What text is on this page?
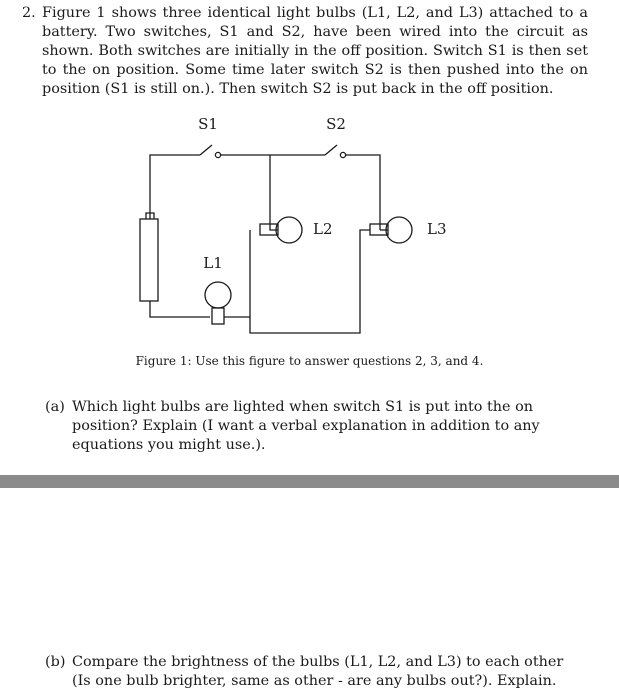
2. Figure 1 shows three identical light bulbs (L1, L2, and L3) attached to a battery. Two switches, S1 and S2, have been wired into the circuit as shown. Both switches are initially in the off position. Switch S1 is then set to the on position. Some time later switch S2 is then pushed into the on position (S1 is still on.). Then switch S2 is put back in the off position.
S1	S2
L1
L2	L3
Figure 1: Use this figure to answer questions 2, 3, and 4.
(a) Which light bulbs are lighted when switch S1 is put into the on position? Explain (I want a verbal explanation in addition to any equations you might use.).
(b) Compare the brightness of the bulbs (L1, L2, and L3) to each other (Is one bulb brighter, same as other - are any bulbs out?). Explain.
